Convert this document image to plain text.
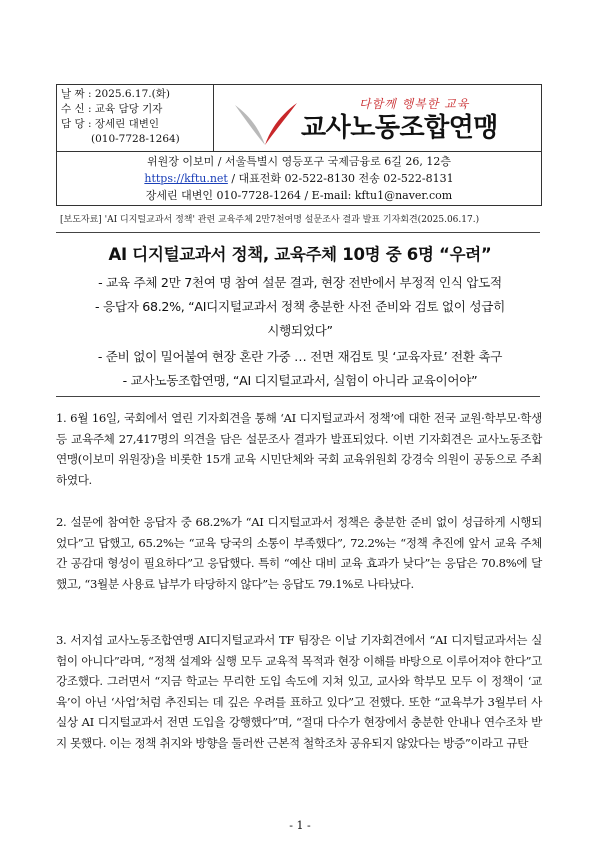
날 짜 : 2025.6.17.(화)
수 신 : 교육 담당 기자
담 당 : 장세린 대변인
(010-7728-1264)
다함께 행복한 교육
교사노동조합연맹
위원장 이보미 / 서울특별시 영등포구 국제금융로 6길 26, 12층
https://kftu.net / 대표전화 02-522-8130 전송 02-522-8131
장세린 대변인 010-7728-1264 / E-mail: kftu1@naver.com
[보도자료] 'AI 디지털교과서 정책' 관련 교육주체 2만7천여명 설문조사 결과 발표 기자회견(2025.06.17.)
AI 디지털교과서 정책, 교육주체 10명 중 6명 “우려”
- 교육 주체 2만 7천여 명 참여 설문 결과, 현장 전반에서 부정적 인식 압도적
- 응답자 68.2%, “AI디지털교과서 정책 충분한 사전 준비와 검토 없이 성급히
시행되었다”
- 준비 없이 밀어붙여 현장 혼란 가중 … 전면 재검토 및 ‘교육자료’ 전환 촉구
- 교사노동조합연맹, “AI 디지털교과서, 실험이 아니라 교육이어야”
1. 6월 16일, 국회에서 열린 기자회견을 통해 ‘AI 디지털교과서 정책’에 대한 전국 교원·학부모·학생 등 교육주체 27,417명의 의견을 담은 설문조사 결과가 발표되었다. 이번 기자회견은 교사노동조합연맹(이보미 위원장)을 비롯한 15개 교육 시민단체와 국회 교육위원회 강경숙 의원이 공동으로 주최하였다.
2. 설문에 참여한 응답자 중 68.2%가 “AI 디지털교과서 정책은 충분한 준비 없이 성급하게 시행되었다”고 답했고, 65.2%는 “교육 당국의 소통이 부족했다”, 72.2%는 “정책 추진에 앞서 교육 주체 간 공감대 형성이 필요하다”고 응답했다. 특히 “예산 대비 교육 효과가 낮다”는 응답은 70.8%에 달했고, “3월분 사용료 납부가 타당하지 않다”는 응답도 79.1%로 나타났다.
3. 서지섭 교사노동조합연맹 AI디지털교과서 TF 팀장은 이날 기자회견에서 “AI 디지털교과서는 실험이 아니다”라며, “정책 설계와 실행 모두 교육적 목적과 현장 이해를 바탕으로 이루어져야 한다”고 강조했다. 그러면서 “지금 학교는 무리한 도입 속도에 지쳐 있고, 교사와 학부모 모두 이 정책이 ‘교육’이 아닌 ‘사업’처럼 추진되는 데 깊은 우려를 표하고 있다”고 전했다. 또한 “교육부가 3월부터 사실상 AI 디지털교과서 전면 도입을 강행했다”며, “절대 다수가 현장에서 충분한 안내나 연수조차 받지 못했다. 이는 정책 취지와 방향을 둘러싼 근본적 철학조차 공유되지 않았다는 방증”이라고 규탄
- 1 -
